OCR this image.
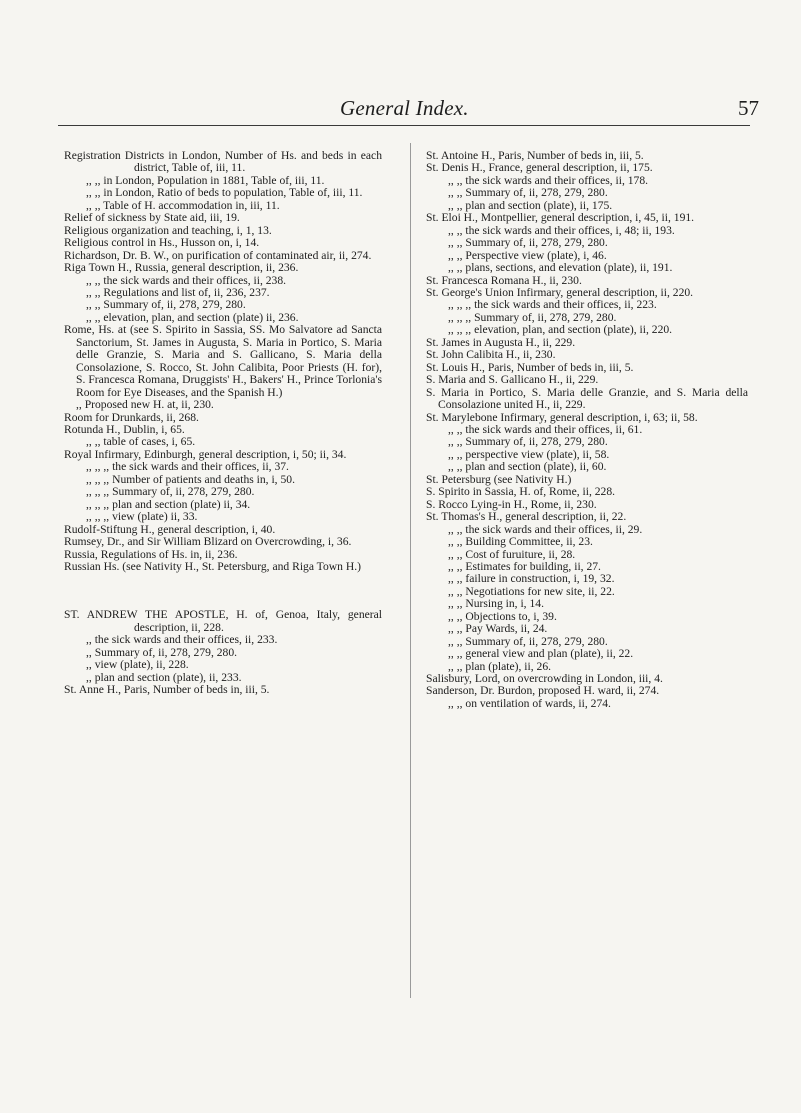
General Index.	57

Registration Districts in London, Number of Hs. and beds in each district, Table of, iii, 11.

,, ,, in London, Population in 1881, Table of, iii, 11.

,, ,, in London, Ratio of beds to population, Table of, iii, 11.

,, ,, Table of H. accommodation in, iii, 11.

Relief of sickness by State aid, iii, 19.

Religious organization and teaching, i, 1, 13.

Religious control in Hs., Husson on, i, 14.

Richardson, Dr. B. W., on purification of contaminated air, ii, 274.

Riga Town H., Russia, general description, ii, 236.

,, ,, the sick wards and their offices, ii, 238.

,, ,, Regulations and list of, ii, 236, 237.

,, ,, Summary of, ii, 278, 279, 280.

,, ,, elevation, plan, and section (plate) ii, 236.

Rome, Hs. at (see S. Spirito in Sassia, SS. Mo Salvatore ad Sancta Sanctorium, St. James in Augusta, S. Maria in Portico, S. Maria delle Granzie, S. Maria and S. Gallicano, S. Maria della Consolazione, S. Rocco, St. John Calibita, Poor Priests (H. for), S. Francesca Romana, Druggists' H., Bakers' H., Prince Torlonia's Room for Eye Diseases, and the Spanish H.)

,, Proposed new H. at, ii, 230.

Room for Drunkards, ii, 268.

Rotunda H., Dublin, i, 65.

,, ,, table of cases, i, 65.

Royal Infirmary, Edinburgh, general description, i, 50; ii, 34.

,, ,, ,, the sick wards and their offices, ii, 37.

,, ,, ,, Number of patients and deaths in, i, 50.

,, ,, ,, Summary of, ii, 278, 279, 280.

,, ,, ,, plan and section (plate) ii, 34.

,, ,, ,, view (plate) ii, 33.

Rudolf-Stiftung H., general description, i, 40.

Rumsey, Dr., and Sir William Blizard on Overcrowding, i, 36.

Russia, Regulations of Hs. in, ii, 236.

Russian Hs. (see Nativity H., St. Petersburg, and Riga Town H.)

ST. ANDREW THE APOSTLE, H. of, Genoa, Italy, general description, ii, 228.

,, the sick wards and their offices, ii, 233.

,, Summary of, ii, 278, 279, 280.

,, view (plate), ii, 228.

,, plan and section (plate), ii, 233.

St. Anne H., Paris, Number of beds in, iii, 5.

St. Antoine H., Paris, Number of beds in, iii, 5.

St. Denis H., France, general description, ii, 175.

,, ,, the sick wards and their offices, ii, 178.

,, ,, Summary of, ii, 278, 279, 280.

,, ,, plan and section (plate), ii, 175.

St. Eloi H., Montpellier, general description, i, 45, ii, 191.

,, ,, the sick wards and their offices, i, 48; ii, 193.

,, ,, Summary of, ii, 278, 279, 280.

,, ,, Perspective view (plate), i, 46.

,, ,, plans, sections, and elevation (plate), ii, 191.

St. Francesca Romana H., ii, 230.

St. George's Union Infirmary, general description, ii, 220.

,, ,, ,, the sick wards and their offices, ii, 223.

,, ,, ,, Summary of, ii, 278, 279, 280.

,, ,, ,, elevation, plan, and section (plate), ii, 220.

St. James in Augusta H., ii, 229.

St. John Calibita H., ii, 230.

St. Louis H., Paris, Number of beds in, iii, 5.

S. Maria and S. Gallicano H., ii, 229.

S. Maria in Portico, S. Maria delle Granzie, and S. Maria della Consolazione united H., ii, 229.

St. Marylebone Infirmary, general description, i, 63; ii, 58.

,, ,, the sick wards and their offices, ii, 61.

,, ,, Summary of, ii, 278, 279, 280.

,, ,, perspective view (plate), ii, 58.

,, ,, plan and section (plate), ii, 60.

St. Petersburg (see Nativity H.)

S. Spirito in Sassia, H. of, Rome, ii, 228.

S. Rocco Lying-in H., Rome, ii, 230.

St. Thomas's H., general description, ii, 22.

,, ,, the sick wards and their offices, ii, 29.

,, ,, Building Committee, ii, 23.

,, ,, Cost of furuiture, ii, 28.

,, ,, Estimates for building, ii, 27.

,, ,, failure in construction, i, 19, 32.

,, ,, Negotiations for new site, ii, 22.

,, ,, Nursing in, i, 14.

,, ,, Objections to, i, 39.

,, ,, Pay Wards, ii, 24.

,, ,, Summary of, ii, 278, 279, 280.

,, ,, general view and plan (plate), ii, 22.

,, ,, plan (plate), ii, 26.

Salisbury, Lord, on overcrowding in London, iii, 4.

Sanderson, Dr. Burdon, proposed H. ward, ii, 274.

,, ,, on ventilation of wards, ii, 274.
